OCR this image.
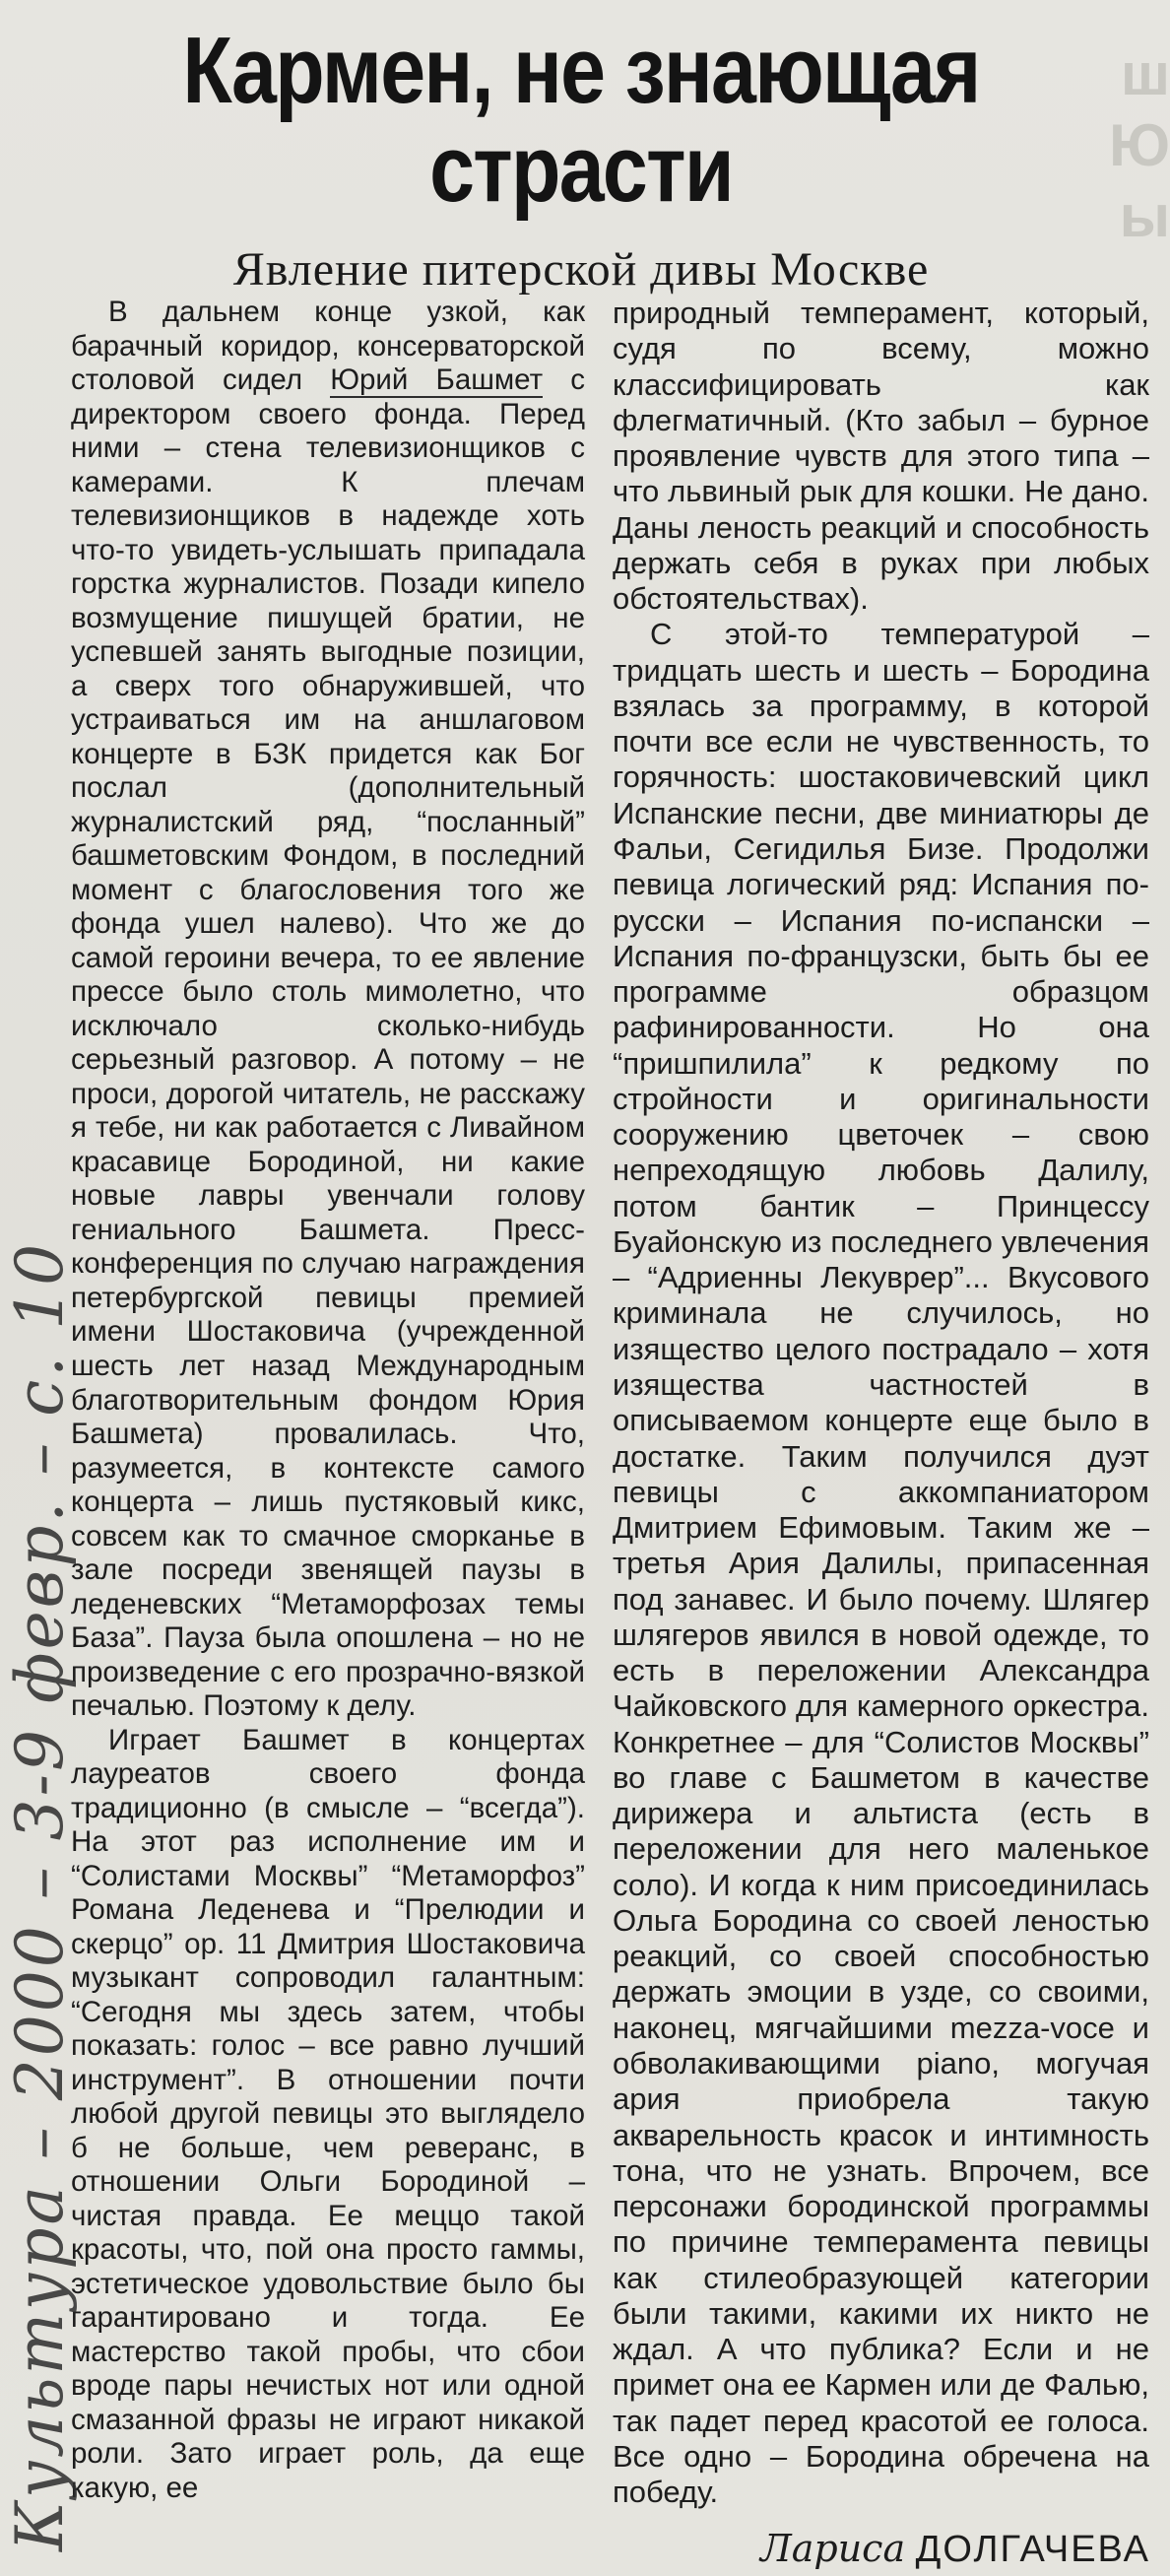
ш
Ю
ы
Кармен, не знающая
страсти
Явление питерской дивы Москве

В дальнем конце узкой, как барачный коридор, консерваторской столовой сидел Юрий Башмет с директором своего фонда. Перед ними – стена телевизионщиков с камерами. К плечам телевизионщиков в надежде хоть что-то увидеть-услышать припадала горстка журналистов. Позади кипело возмущение пишущей братии, не успевшей занять выгодные позиции, а сверх того обнаружившей, что устраиваться им на аншлаговом концерте в БЗК придется как Бог послал (дополнительный журналистский ряд, “посланный” башметовским Фондом, в последний момент с благословения того же фонда ушел налево). Что же до самой героини вечера, то ее явление прессе было столь мимолетно, что исключало сколько-нибудь серьезный разговор. А потому – не проси, дорогой читатель, не расскажу я тебе, ни как работается с Ливайном красавице Бородиной, ни какие новые лавры увенчали голову гениального Башмета. Пресс-конференция по случаю награждения петербургской певицы премией имени Шостаковича (учрежденной шесть лет назад Международным благотворительным фондом Юрия Башмета) провалилась. Что, разумеется, в контексте самого концерта – лишь пустяковый кикс, совсем как то смачное сморканье в зале посреди звенящей паузы в леденевских “Метаморфозах темы База”. Пауза была опошлена – но не произведение с его прозрачно-вязкой печалью. Поэтому к делу.

Играет Башмет в концертах лауреатов своего фонда традиционно (в смысле – “всегда”). На этот раз исполнение им и “Солистами Москвы” “Метаморфоз” Романа Леденева и “Прелюдии и скерцо” ор. 11 Дмитрия Шостаковича музыкант сопроводил галантным: “Сегодня мы здесь затем, чтобы показать: голос – все равно лучший инструмент”. В отношении почти любой другой певицы это выглядело б не больше, чем реверанс, в отношении Ольги Бородиной – чистая правда. Ее меццо такой красоты, что, пой она просто гаммы, эстетическое удовольствие было бы гарантировано и тогда. Ее мастерство такой пробы, что сбои вроде пары нечистых нот или одной смазанной фразы не играют никакой роли. Зато играет роль, да еще какую, ее

природный темперамент, который, судя по всему, можно классифицировать как флегматичный. (Кто забыл – бурное проявление чувств для этого типа – что львиный рык для кошки. Не дано. Даны леность реакций и способность держать себя в руках при любых обстоятельствах).

С этой-то температурой – тридцать шесть и шесть – Бородина взялась за программу, в которой почти все если не чувственность, то горячность: шостаковичевский цикл Испанские песни, две миниатюры де Фальи, Сегидилья Бизе. Продолжи певица логический ряд: Испания по-русски – Испания по-испански – Испания по-французски, быть бы ее программе образцом рафинированности. Но она “пришпилила” к редкому по стройности и оригинальности сооружению цветочек – свою непреходящую любовь Далилу, потом бантик – Принцессу Буайонскую из последнего увлечения – “Адриенны Лекуврер”... Вкусового криминала не случилось, но изящество целого пострадало – хотя изящества частностей в описываемом концерте еще было в достатке. Таким получился дуэт певицы с аккомпаниатором Дмитрием Ефимовым. Таким же – третья Ария Далилы, припасенная под занавес. И было почему. Шлягер шлягеров явился в новой одежде, то есть в переложении Александра Чайковского для камерного оркестра. Конкретнее – для “Солистов Москвы” во главе с Башметом в качестве дирижера и альтиста (есть в переложении для него маленькое соло). И когда к ним присоединилась Ольга Бородина со своей леностью реакций, со своей способностью держать эмоции в узде, со своими, наконец, мягчайшими mezza-voce и обволакивающими piano, могучая ария приобрела такую акварельность красок и интимность тона, что не узнать. Впрочем, все персонажи бородинской программы по причине темперамента певицы как стилеобразующей категории были такими, какими их никто не ждал. А что публика? Если и не примет она ее Кармен или де Фалью, так падет перед красотой ее голоса. Все одно – Бородина обречена на победу.

Лариса ДОЛГАЧЕВА
Культура – 2000 – 3-9 февр. – с. 10
